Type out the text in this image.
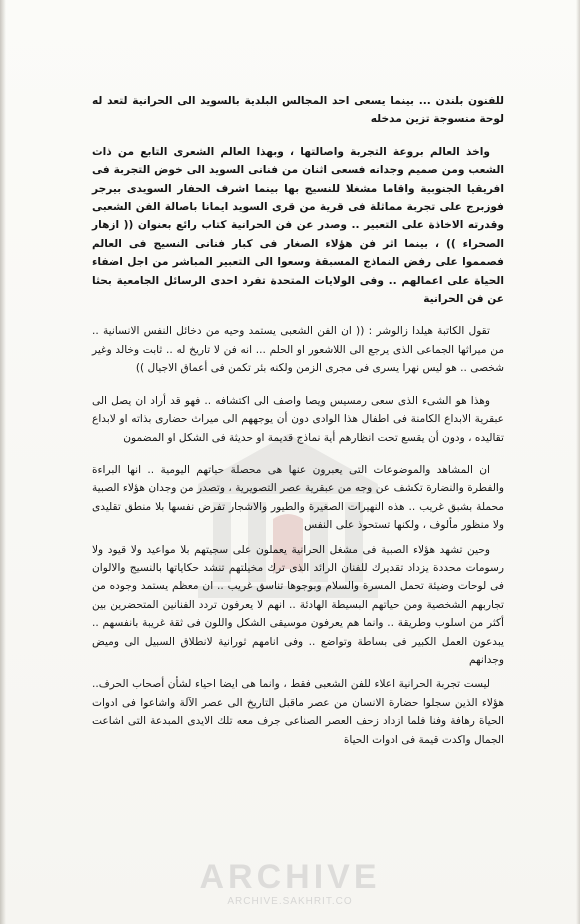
للفنون بلندن ... بينما يسعى احد المجالس البلدية بالسويد الى الحرانية لتعد له لوحة منسوجة تزين مدخله

واخذ العالم بروعة التجربة واصالتها ، وبهذا العالم الشعرى التابع من ذات الشعب ومن صميم وجدانه فسعى اثنان من فنانى السويد الى خوض التجربة فى افريقيا الجنوبية واقاما مشغلا للنسيج بها بينما اشرف الحفار السويدى بيرجر فوزبرج على تجربة مماثلة فى قرية من قرى السويد ايمانا باصالة الفن الشعبى وقدرته الاخاذة على التعبير .. وصدر عن فن الحرانية كتاب رائع بعنوان (( ازهار الصحراء )) ، بينما اثر فن هؤلاء الصغار فى كبار فنانى النسيج فى العالم فصمموا على رفض النماذج المسبقة وسعوا الى التعبير المباشر من اجل اضفاء الحياة على اعمالهم .. وفى الولايات المتحدة تفرد احدى الرسائل الجامعية بحثا عن فن الحرانية

تقول الكاتبة هيلدا زالوشر : (( ان الفن الشعبى يستمد وحيه من دخائل النفس الانسانية .. من ميراثها الجماعى الذى يرجع الى اللاشعور او الحلم ... انه فن لا تاريخ له .. ثابت وخالد وغير شخصى .. هو ليس نهرا يسرى فى مجرى الزمن ولكنه بئر تكمن فى أعماق الاجيال ))

وهذا هو الشىء الذى سعى رمسيس ويصا واصف الى اكتشافه .. فهو قد أراد ان يصل الى عبقرية الابداع الكامنة فى اطفال هذا الوادى دون أن يوجههم الى ميراث حضارى بذاته او لابداع تقاليده ، ودون أن يقسع تحت انظارهم أية نماذج قديمة او حديثة فى الشكل او المضمون

ان المشاهد والموضوعات التى يعبرون عنها هى محصلة حياتهم اليومية .. انها البراءة والفطرة والنضارة تكشف عن وجه من عبقرية عصر التصويرية ، وتصدر من وجدان هؤلاء الصبية محملة بشبق غريب .. هذه النهيرات الصغيرة والطيور والاشجار تفرض نفسها بلا منطق تقليدى ولا منظور مألوف ، ولكنها تستحوذ على النفس

وحين تشهد هؤلاء الصبية فى مشغل الحرانية يعملون على سجيتهم بلا مواعيد ولا قيود ولا رسومات محددة يزداد تقديرك للفنان الرائد الذى ترك مخيلتهم تنشد حكاياتها بالنسيج والالوان فى لوحات وضيئة تحمل المسرة والسلام وبوجوها تناسق غريب .. ان معظم يستمد وجوده من تجاربهم الشخصية ومن حياتهم البسيطة الهادئة .. انهم لا يعرفون تردد الفنانين المتحضرين بين أكثر من اسلوب وطريقة .. وانما هم يعرفون موسيقى الشكل واللون فى ثقة غريبة بانفسهم .. يبدعون العمل الكبير فى بساطة وتواضع .. وفى انامهم ثورانية لانطلاق السبيل الى وميض وجدانهم

ليست تجربة الحرانية اعلاء للفن الشعبى فقط ، وانما هى ايضا احياء لشأن أصحاب الحرف.. هؤلاء الذين سجلوا حضارة الانسان من عصر ماقبل التاريخ الى عصر الآلة واشاعوا فى ادوات الحياة رهافة وفنا فلما ازداد زحف العصر الصناعى جرف معه تلك الايدى المبدعة التى اشاعت الجمال واكدت قيمة فى ادوات الحياة

ARCHIVE
ARCHIVE.SAKHRIT.CO
